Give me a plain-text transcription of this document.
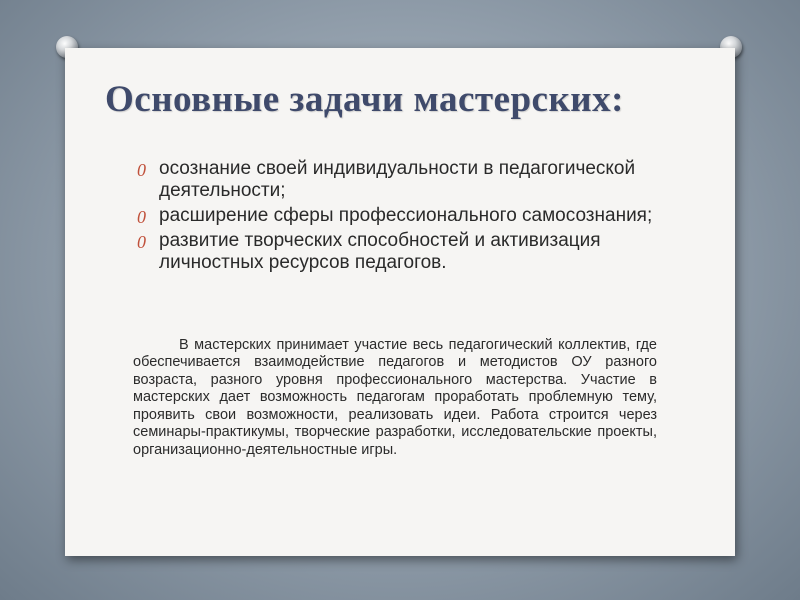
Основные задачи мастерских:
0 осознание своей индивидуальности в педагогической деятельности;
0 расширение сферы профессионального самосознания;
0 развитие творческих способностей и активизация личностных ресурсов педагогов.

В мастерских принимает участие весь педагогический коллектив, где обеспечивается взаимодействие педагогов и методистов ОУ разного возраста, разного уровня профессионального мастерства. Участие в мастерских дает возможность педагогам проработать проблемную тему, проявить свои возможности, реализовать идеи. Работа строится через семинары-практикумы, творческие разработки, исследовательские проекты, организационно-деятельностные игры.
